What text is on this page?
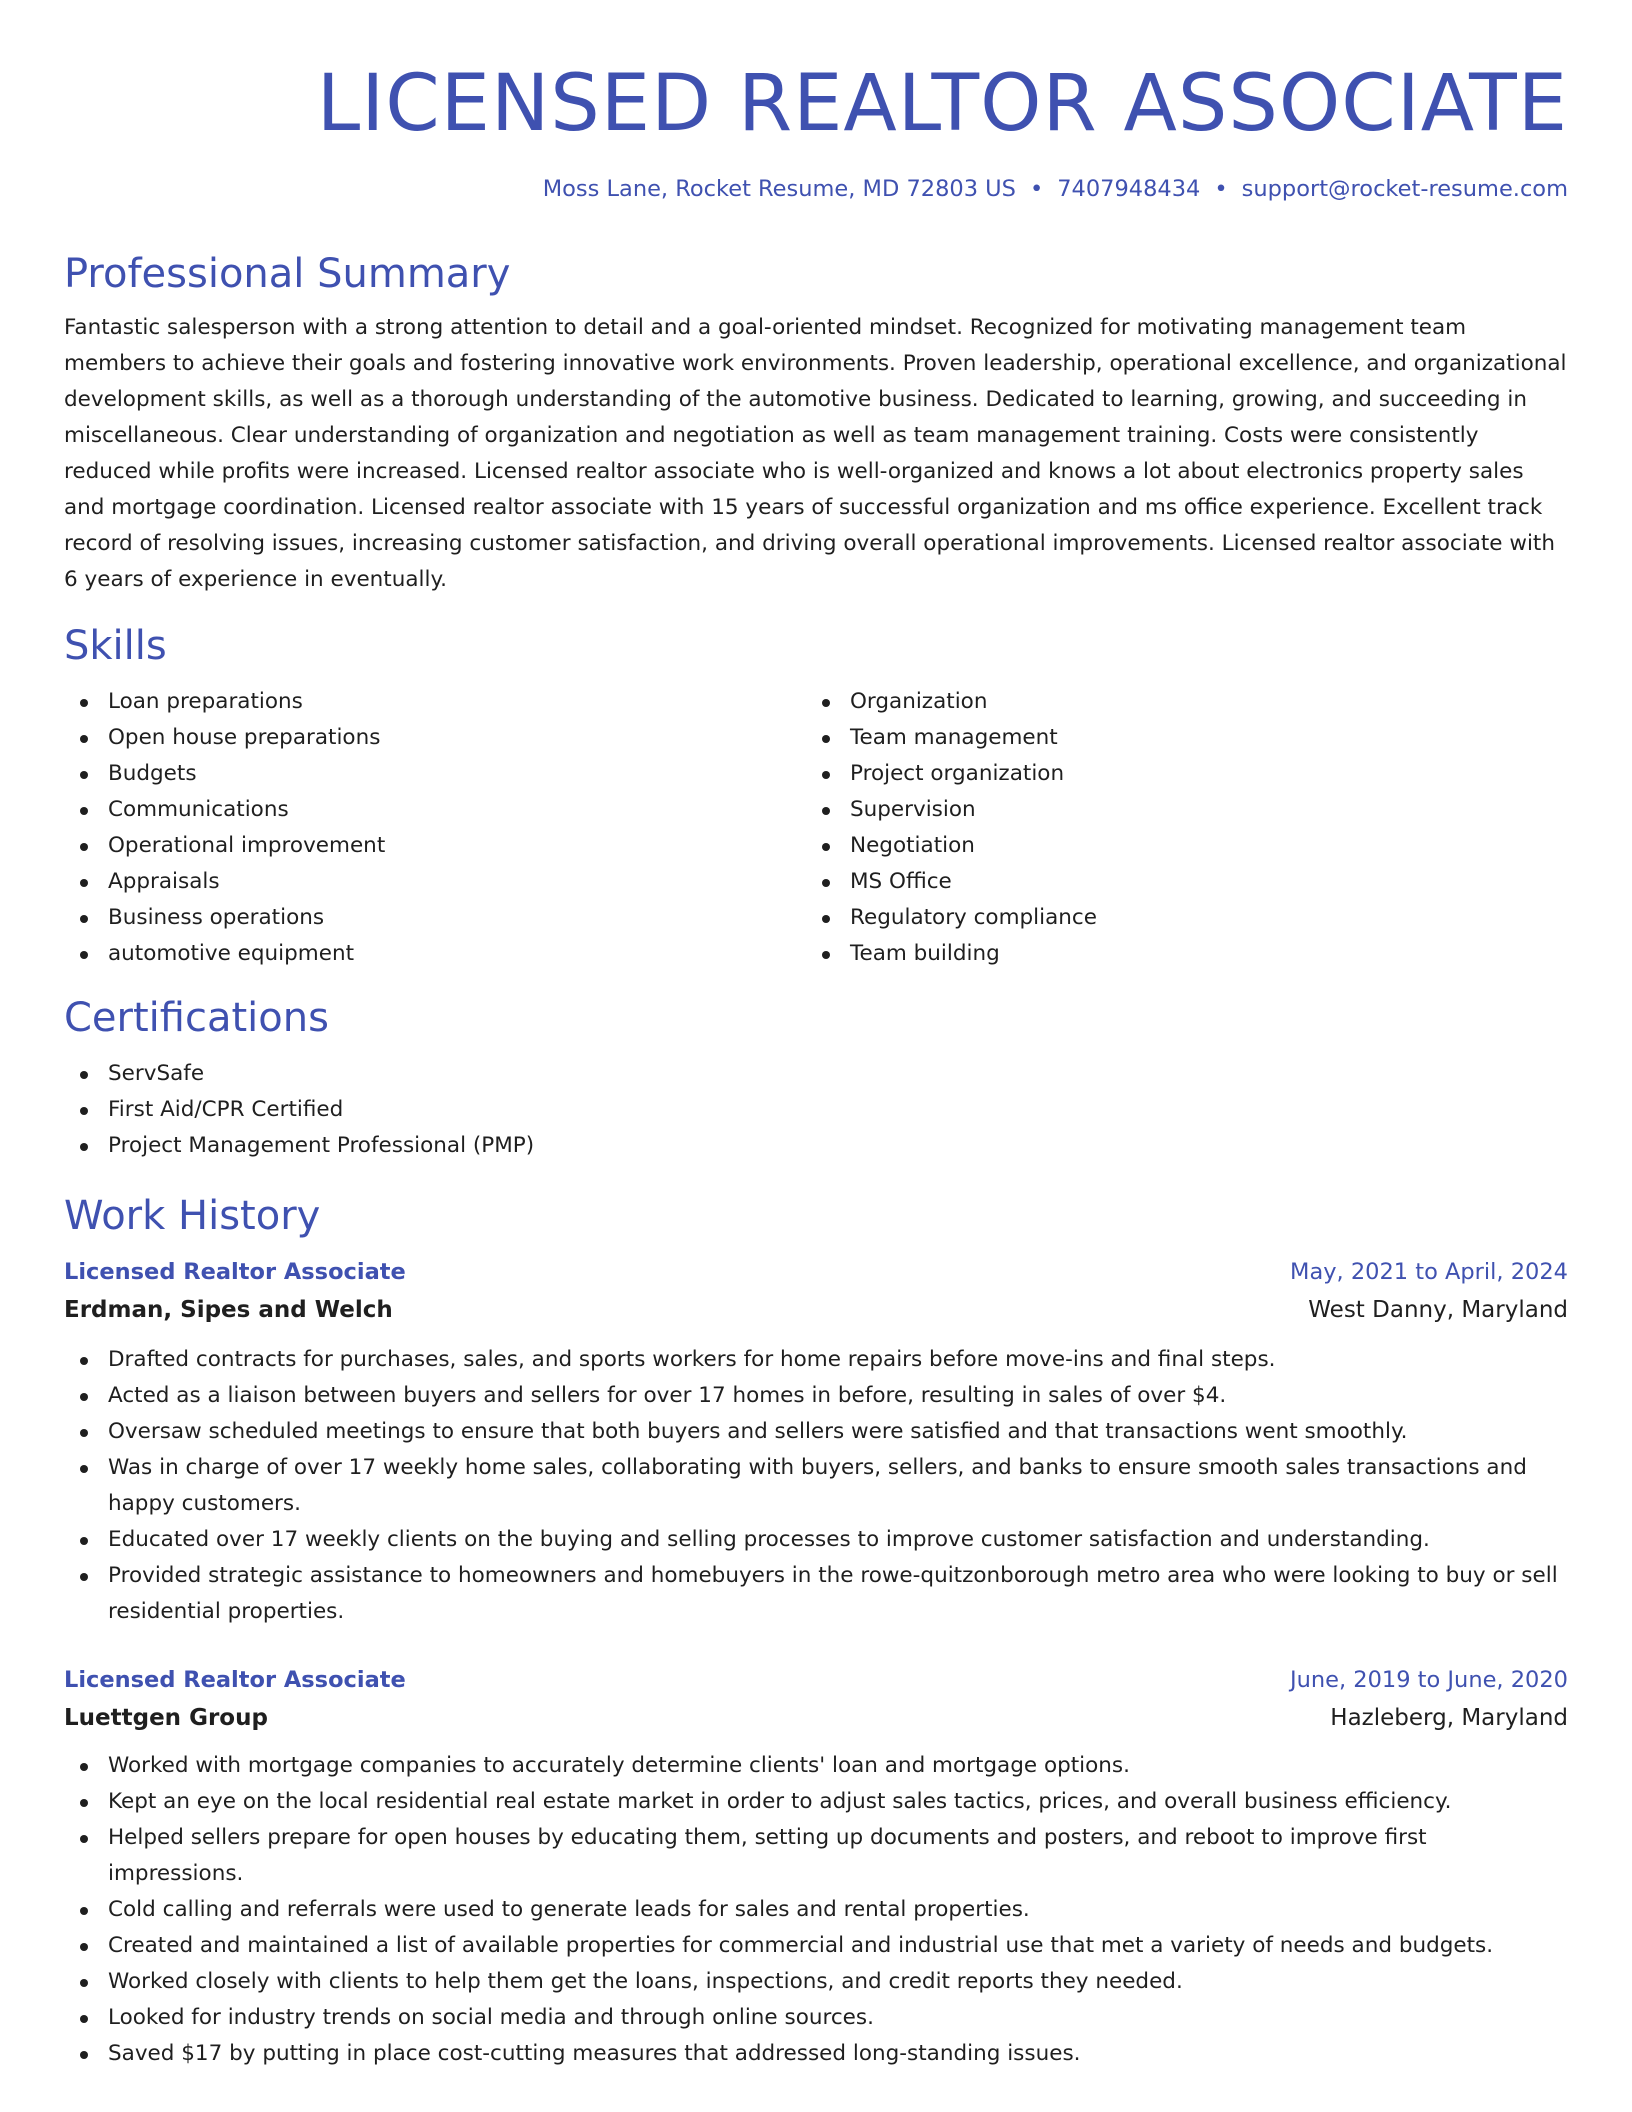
LICENSED REALTOR ASSOCIATE
Moss Lane, Rocket Resume, MD 72803 US • 7407948434 • support@rocket-resume.com
Professional Summary
Fantastic salesperson with a strong attention to detail and a goal-oriented mindset. Recognized for motivating management team members to achieve their goals and fostering innovative work environments. Proven leadership, operational excellence, and organizational development skills, as well as a thorough understanding of the automotive business. Dedicated to learning, growing, and succeeding in miscellaneous. Clear understanding of organization and negotiation as well as team management training. Costs were consistently reduced while profits were increased. Licensed realtor associate who is well-organized and knows a lot about electronics property sales and mortgage coordination. Licensed realtor associate with 15 years of successful organization and ms office experience. Excellent track record of resolving issues, increasing customer satisfaction, and driving overall operational improvements. Licensed realtor associate with 6 years of experience in eventually.
Skills
Loan preparations
Open house preparations
Budgets
Communications
Operational improvement
Appraisals
Business operations
automotive equipment
Organization
Team management
Project organization
Supervision
Negotiation
MS Office
Regulatory compliance
Team building
Certifications
ServSafe
First Aid/CPR Certified
Project Management Professional (PMP)
Work History
Licensed Realtor Associate	May, 2021 to April, 2024
Erdman, Sipes and Welch	West Danny, Maryland
Drafted contracts for purchases, sales, and sports workers for home repairs before move-ins and final steps.
Acted as a liaison between buyers and sellers for over 17 homes in before, resulting in sales of over $4.
Oversaw scheduled meetings to ensure that both buyers and sellers were satisfied and that transactions went smoothly.
Was in charge of over 17 weekly home sales, collaborating with buyers, sellers, and banks to ensure smooth sales transactions and happy customers.
Educated over 17 weekly clients on the buying and selling processes to improve customer satisfaction and understanding.
Provided strategic assistance to homeowners and homebuyers in the rowe-quitzonborough metro area who were looking to buy or sell residential properties.
Licensed Realtor Associate	June, 2019 to June, 2020
Luettgen Group	Hazleberg, Maryland
Worked with mortgage companies to accurately determine clients' loan and mortgage options.
Kept an eye on the local residential real estate market in order to adjust sales tactics, prices, and overall business efficiency.
Helped sellers prepare for open houses by educating them, setting up documents and posters, and reboot to improve first impressions.
Cold calling and referrals were used to generate leads for sales and rental properties.
Created and maintained a list of available properties for commercial and industrial use that met a variety of needs and budgets.
Worked closely with clients to help them get the loans, inspections, and credit reports they needed.
Looked for industry trends on social media and through online sources.
Saved $17 by putting in place cost-cutting measures that addressed long-standing issues.
